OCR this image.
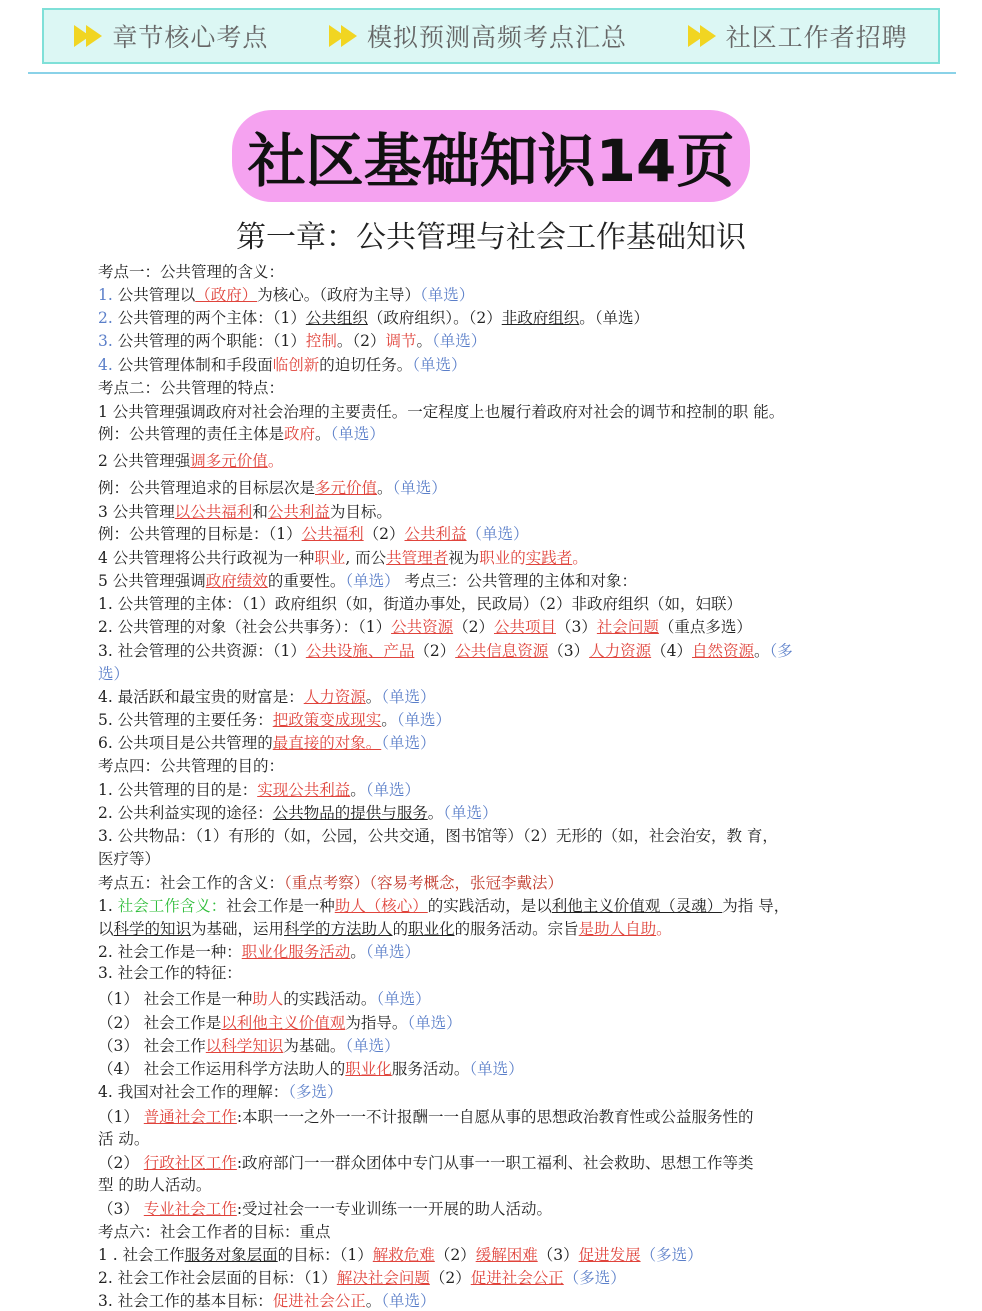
章节核心考点	模拟预测高频考点汇总	社区工作者招聘
社区基础知识14页
第一章：公共管理与社会工作基础知识
考点一：公共管理的含义：
1. 公共管理以（政府）为核心。（政府为主导）（单选）
2. 公共管理的两个主体：（1）公共组织（政府组织）。（2）非政府组织。（单选）
3. 公共管理的两个职能：（1）控制。（2）调节。（单选）
4. 公共管理体制和手段面临创新的迫切任务。（单选）
考点二：公共管理的特点：
1 公共管理强调政府对社会治理的主要责任。一定程度上也履行着政府对社会的调节和控制的职 能。
例：公共管理的责任主体是政府。（单选）
2 公共管理强调多元价值。
例：公共管理追求的目标层次是多元价值。（单选）
3 公共管理以公共福利和公共利益为目标。
例：公共管理的目标是：（1）公共福利（2）公共利益（单选）
4 公共管理将公共行政视为一种职业, 而公共管理者视为职业的实践者。
5 公共管理强调政府绩效的重要性。（单选） 考点三：公共管理的主体和对象：
1. 公共管理的主体：（1）政府组织（如，街道办事处，民政局）（2）非政府组织（如，妇联）
2. 公共管理的对象（社会公共事务）：（1）公共资源（2）公共项目（3）社会问题（重点多选）
3. 社会管理的公共资源：（1）公共设施、产品（2）公共信息资源（3）人力资源（4）自然资源。（多
选）
4. 最活跃和最宝贵的财富是：人力资源。（单选）
5. 公共管理的主要任务：把政策变成现实。（单选）
6. 公共项目是公共管理的最直接的对象。（单选）
考点四：公共管理的目的：
1. 公共管理的目的是：实现公共利益。（单选）
2. 公共利益实现的途径：公共物品的提供与服务。（单选）
3. 公共物品：（1）有形的（如，公园，公共交通，图书馆等）（2）无形的（如，社会治安，教 育，
医疗等）
考点五：社会工作的含义：（重点考察）（容易考概念，张冠李戴法）
1. 社会工作含义：社会工作是一种助人（核心）的实践活动，是以利他主义价值观（灵魂）为指 导，
以科学的知识为基础，运用科学的方法助人的职业化的服务活动。宗旨是助人自助。
2. 社会工作是一种：职业化服务活动。（单选）
3. 社会工作的特征：
（1） 社会工作是一种助人的实践活动。（单选）
（2） 社会工作是以利他主义价值观为指导。（单选）
（3） 社会工作以科学知识为基础。（单选）
（4） 社会工作运用科学方法助人的职业化服务活动。（单选）
4. 我国对社会工作的理解：（多选）
（1） 普通社会工作:本职一一之外一一不计报酬一一自愿从事的思想政治教育性或公益服务性的
活 动。
（2） 行政社区工作:政府部门一一群众团体中专门从事一一职工福利、社会救助、思想工作等类
型 的助人活动。
（3） 专业社会工作:受过社会一一专业训练一一开展的助人活动。
考点六：社会工作者的目标：重点
1 . 社会工作服务对象层面的目标：（1）解救危难（2）缓解困难（3）促进发展（多选）
2. 社会工作社会层面的目标：（1）解决社会问题（2）促进社会公正（多选）
3. 社会工作的基本目标：促进社会公正。（单选）
